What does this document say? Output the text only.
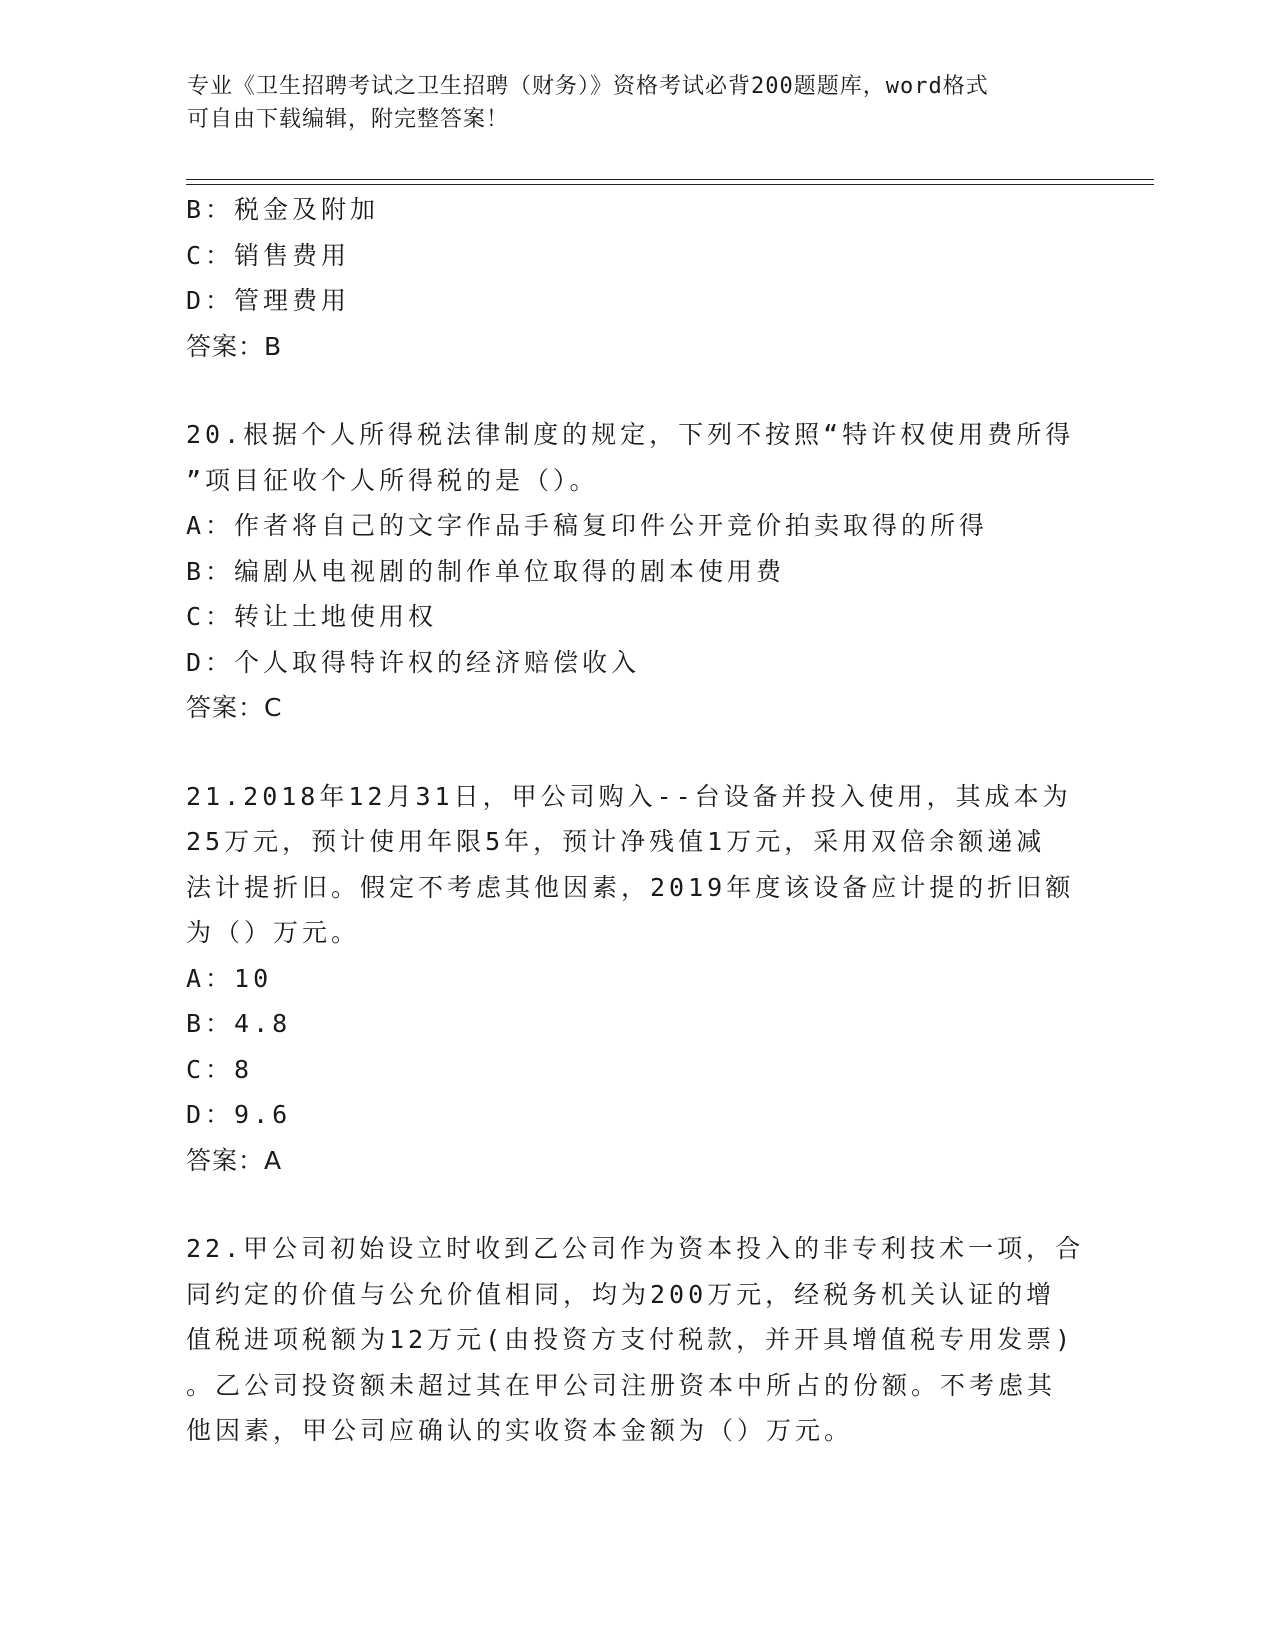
专业《卫生招聘考试之卫生招聘（财务）》资格考试必背200题题库，word格式

可自由下载编辑，附完整答案！

B：税金及附加
C：销售费用
D：管理费用
答案：B
20.根据个人所得税法律制度的规定，下列不按照“特许权使用费所得
”项目征收个人所得税的是（）。
A：作者将自己的文字作品手稿复印件公开竞价拍卖取得的所得
B：编剧从电视剧的制作单位取得的剧本使用费
C：转让土地使用权
D：个人取得特许权的经济赔偿收入
答案：C
21.2018年12月31日，甲公司购入--台设备并投入使用，其成本为
25万元，预计使用年限5年，预计净残值1万元，采用双倍余额递减
法计提折旧。假定不考虑其他因素，2019年度该设备应计提的折旧额
为（）万元。
A：10
B：4.8
C：8
D：9.6
答案：A
22.甲公司初始设立时收到乙公司作为资本投入的非专利技术一项，合
同约定的价值与公允价值相同，均为200万元，经税务机关认证的增
值税进项税额为12万元(由投资方支付税款，并开具增值税专用发票)
。乙公司投资额未超过其在甲公司注册资本中所占的份额。不考虑其
他因素，甲公司应确认的实收资本金额为（）万元。
